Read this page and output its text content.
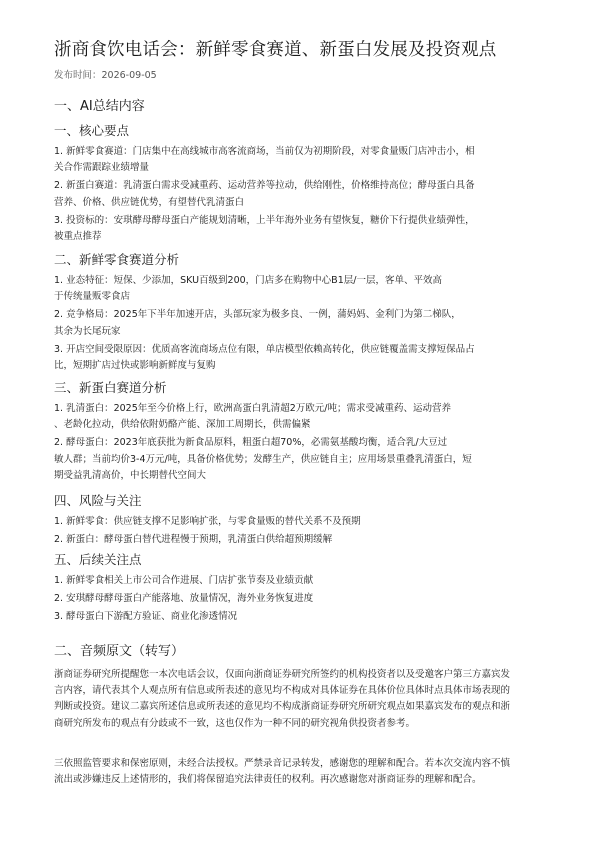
浙商食饮电话会：新鲜零食赛道、新蛋白发展及投资观点
发布时间：2026-09-05
一、AI总结内容
一、核心要点
1. 新鲜零食赛道：门店集中在高线城市高客流商场，当前仅为初期阶段，对零食量贩门店冲击小，相
关合作需跟踪业绩增量
2. 新蛋白赛道：乳清蛋白需求受减重药、运动营养等拉动，供给刚性，价格维持高位；酵母蛋白具备
营养、价格、供应链优势，有望替代乳清蛋白
3. 投资标的：安琪酵母酵母蛋白产能规划清晰，上半年海外业务有望恢复，糖价下行提供业绩弹性，
被重点推荐
二、新鲜零食赛道分析
1. 业态特征：短保、少添加，SKU百级到200，门店多在购物中心B1层/一层，客单、平效高
于传统量贩零食店
2. 竞争格局：2025年下半年加速开店，头部玩家为极多良、一例，蒲妈妈、金利门为第二梯队，
其余为长尾玩家
3. 开店空间受限原因：优质高客流商场点位有限，单店模型依赖高转化，供应链覆盖需支撑短保品占
比，短期扩店过快或影响新鲜度与复购
三、新蛋白赛道分析
1. 乳清蛋白：2025年至今价格上行，欧洲高蛋白乳清超2万欧元/吨；需求受减重药、运动营养
、老龄化拉动，供给依附奶酪产能、深加工周期长，供需偏紧
2. 酵母蛋白：2023年底获批为新食品原料，粗蛋白超70%，必需氨基酸均衡，适合乳/大豆过
敏人群；当前均价3-4万元/吨，具备价格优势；发酵生产，供应链自主；应用场景重叠乳清蛋白，短
期受益乳清高价，中长期替代空间大
四、风险与关注
1. 新鲜零食：供应链支撑不足影响扩张，与零食量贩的替代关系不及预期
2. 新蛋白：酵母蛋白替代进程慢于预期，乳清蛋白供给超预期缓解
五、后续关注点
1. 新鲜零食相关上市公司合作进展、门店扩张节奏及业绩贡献
2. 安琪酵母酵母蛋白产能落地、放量情况，海外业务恢复进度
3. 酵母蛋白下游配方验证、商业化渗透情况
二、音频原文（转写）
浙商证券研究所提醒您一本次电话会议，仅面向浙商证券研究所签约的机构投资者以及受邀客户第三方嘉宾发
言内容，请代表其个人观点所有信息或所表述的意见均不构成对具体证券在具体价位具体时点具体市场表现的
判断或投资。建议二嘉宾所述信息或所表述的意见均不构成浙商证券研究所研究观点如果嘉宾发布的观点和浙
商研究所发布的观点有分歧或不一致，这也仅作为一种不同的研究视角供投资者参考。
三依照监管要求和保密原则，未经合法授权。严禁录音记录转发，感谢您的理解和配合。若本次交流内容不慎
流出或涉嫌违反上述情形的，我们将保留追究法律责任的权利。再次感谢您对浙商证券的理解和配合。
